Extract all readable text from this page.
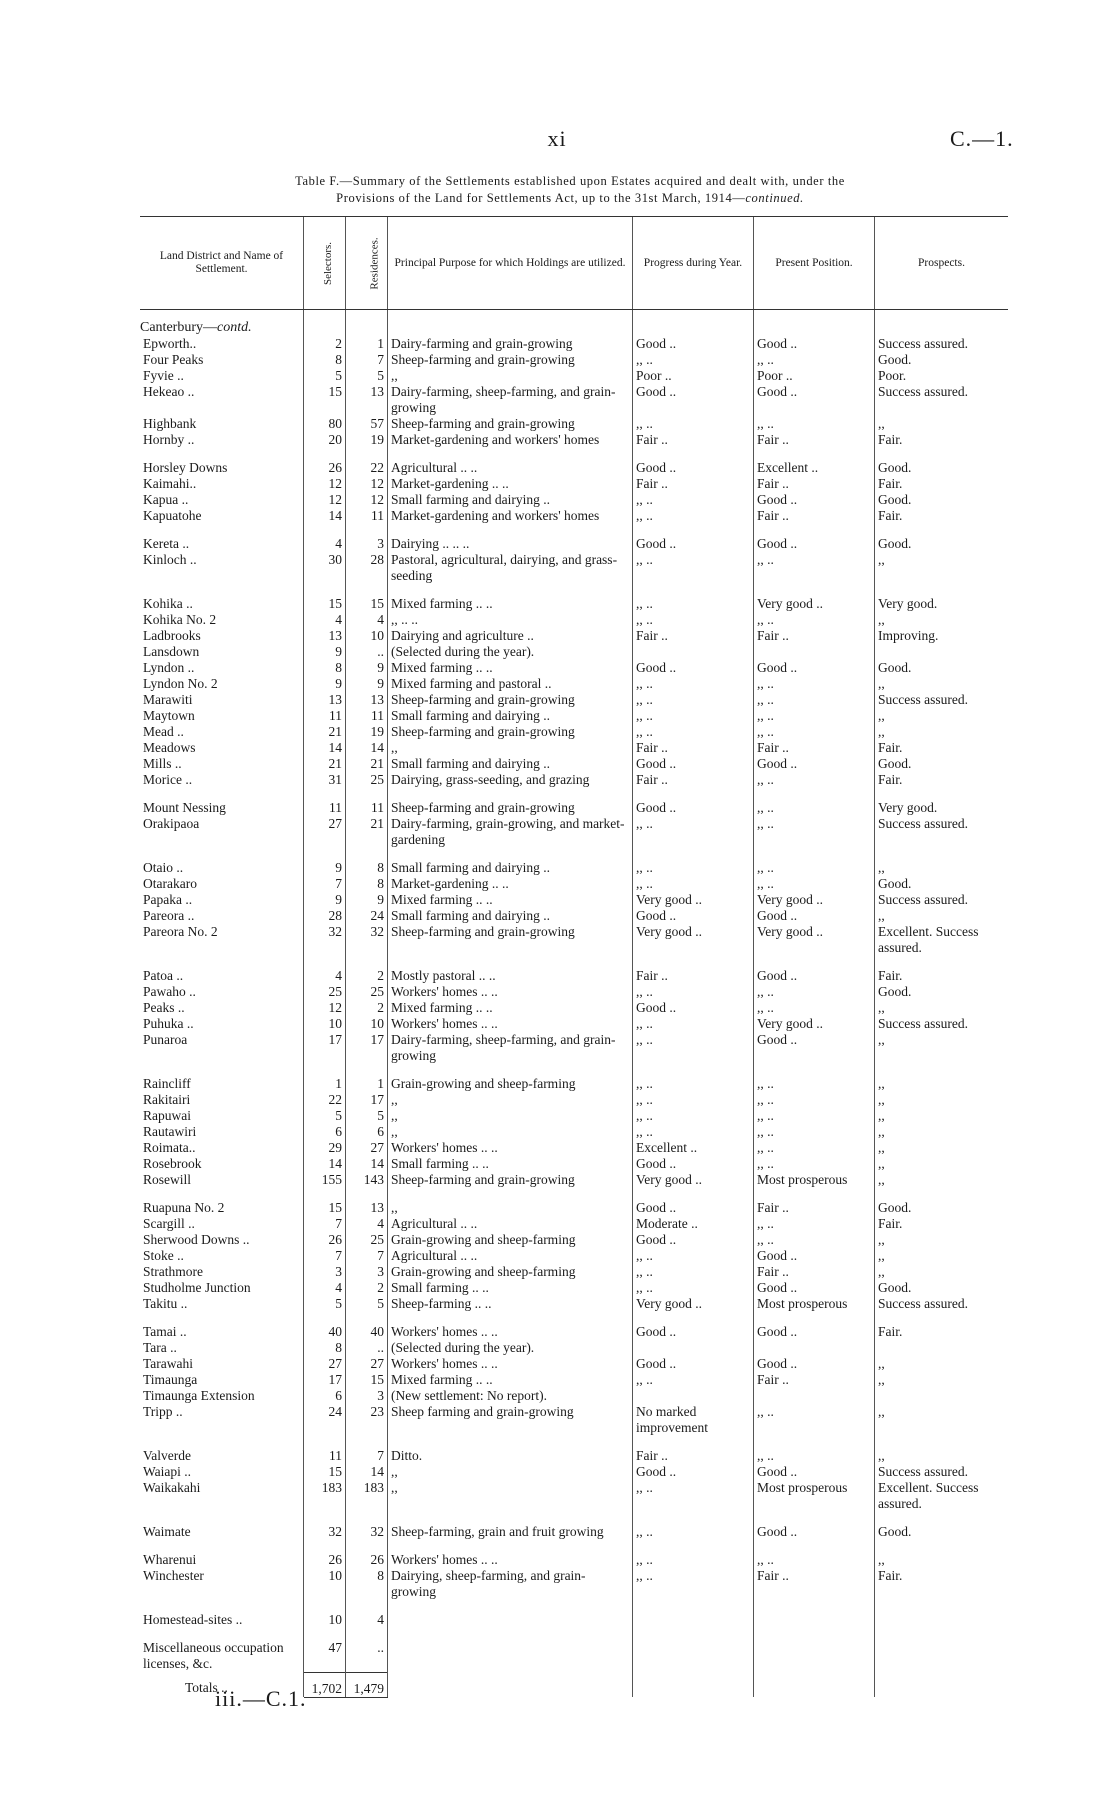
xi	C.—1.
Table F.—Summary of the Settlements established upon Estates acquired and dealt with, under the
Provisions of the Land for Settlements Act, up to the 31st March, 1914—continued.
Land District and Name of Settlement.	Selectors.	Residences.	Principal Purpose for which Holdings are utilized.	Progress during Year.	Present Position.	Prospects.
Canterbury—contd.						
Epworth..	2	1	Dairy-farming and grain-growing	Good ..	Good ..	Success assured.
Four Peaks	8	7	Sheep-farming and grain-growing	,, ..	,, ..	Good.
Fyvie ..	5	5	,,	Poor ..	Poor ..	Poor.
Hekeao ..	15	13	Dairy-farming, sheep-farming, and grain-growing	Good ..	Good ..	Success assured.
Highbank	80	57	Sheep-farming and grain-growing	,, ..	,, ..	,,
Hornby ..	20	19	Market-gardening and workers' homes	Fair ..	Fair ..	Fair.

Horsley Downs	26	22	Agricultural .. ..	Good ..	Excellent ..	Good.
Kaimahi..	12	12	Market-gardening .. ..	Fair ..	Fair ..	Fair.
Kapua ..	12	12	Small farming and dairying ..	,, ..	Good ..	Good.
Kapuatohe	14	11	Market-gardening and workers' homes	,, ..	Fair ..	Fair.

Kereta ..	4	3	Dairying .. .. ..	Good ..	Good ..	Good.
Kinloch ..	30	28	Pastoral, agricultural, dairying, and grass-seeding	,, ..	,, ..	,,

Kohika ..	15	15	Mixed farming .. ..	,, ..	Very good ..	Very good.
Kohika No. 2	4	4	,, .. ..	,, ..	,, ..	,,
Ladbrooks	13	10	Dairying and agriculture ..	Fair ..	Fair ..	Improving.
Lansdown	9	..	(Selected during the year).			
Lyndon ..	8	9	Mixed farming .. ..	Good ..	Good ..	Good.
Lyndon No. 2	9	9	Mixed farming and pastoral ..	,, ..	,, ..	,,
Marawiti	13	13	Sheep-farming and grain-growing	,, ..	,, ..	Success assured.
Maytown	11	11	Small farming and dairying ..	,, ..	,, ..	,,
Mead ..	21	19	Sheep-farming and grain-growing	,, ..	,, ..	,,
Meadows	14	14	,,	Fair ..	Fair ..	Fair.
Mills ..	21	21	Small farming and dairying ..	Good ..	Good ..	Good.
Morice ..	31	25	Dairying, grass-seeding, and grazing	Fair ..	,, ..	Fair.

Mount Nessing	11	11	Sheep-farming and grain-growing	Good ..	,, ..	Very good.
Orakipaoa	27	21	Dairy-farming, grain-growing, and market-gardening	,, ..	,, ..	Success assured.

Otaio ..	9	8	Small farming and dairying ..	,, ..	,, ..	,,
Otarakaro	7	8	Market-gardening .. ..	,, ..	,, ..	Good.
Papaka ..	9	9	Mixed farming .. ..	Very good ..	Very good ..	Success assured.
Pareora ..	28	24	Small farming and dairying ..	Good ..	Good ..	,,
Pareora No. 2	32	32	Sheep-farming and grain-growing	Very good ..	Very good ..	Excellent. Success assured.

Patoa ..	4	2	Mostly pastoral .. ..	Fair ..	Good ..	Fair.
Pawaho ..	25	25	Workers' homes .. ..	,, ..	,, ..	Good.
Peaks ..	12	2	Mixed farming .. ..	Good ..	,, ..	,,
Puhuka ..	10	10	Workers' homes .. ..	,, ..	Very good ..	Success assured.
Punaroa	17	17	Dairy-farming, sheep-farming, and grain-growing	,, ..	Good ..	,,

Raincliff	1	1	Grain-growing and sheep-farming	,, ..	,, ..	,,
Rakitairi	22	17	,,	,, ..	,, ..	,,
Rapuwai	5	5	,,	,, ..	,, ..	,,
Rautawiri	6	6	,,	,, ..	,, ..	,,
Roimata..	29	27	Workers' homes .. ..	Excellent ..	,, ..	,,
Rosebrook	14	14	Small farming .. ..	Good ..	,, ..	,,
Rosewill	155	143	Sheep-farming and grain-growing	Very good ..	Most prosperous	,,

Ruapuna No. 2	15	13	,,	Good ..	Fair ..	Good.
Scargill ..	7	4	Agricultural .. ..	Moderate ..	,, ..	Fair.
Sherwood Downs ..	26	25	Grain-growing and sheep-farming	Good ..	,, ..	,,
Stoke ..	7	7	Agricultural .. ..	,, ..	Good ..	,,
Strathmore	3	3	Grain-growing and sheep-farming	,, ..	Fair ..	,,
Studholme Junction	4	2	Small farming .. ..	,, ..	Good ..	Good.
Takitu ..	5	5	Sheep-farming .. ..	Very good ..	Most prosperous	Success assured.

Tamai ..	40	40	Workers' homes .. ..	Good ..	Good ..	Fair.
Tara ..	8	..	(Selected during the year).			
Tarawahi	27	27	Workers' homes .. ..	Good ..	Good ..	,,
Timaunga	17	15	Mixed farming .. ..	,, ..	Fair ..	,,
Timaunga Extension	6	3	(New settlement: No report).			
Tripp ..	24	23	Sheep farming and grain-growing	No marked improvement	,, ..	,,

Valverde	11	7	Ditto.	Fair ..	,, ..	,,
Waiapi ..	15	14	,,	Good ..	Good ..	Success assured.
Waikakahi	183	183	,,	,, ..	Most prosperous	Excellent. Success assured.

Waimate	32	32	Sheep-farming, grain and fruit growing	,, ..	Good ..	Good.

Wharenui	26	26	Workers' homes .. ..	,, ..	,, ..	,,
Winchester	10	8	Dairying, sheep-farming, and grain-growing	,, ..	Fair ..	Fair.

Homestead-sites ..	10	4				

Miscellaneous occupation licenses, &c.	47	..				
Totals ..	1,702	1,479				
iii.—C.1.
